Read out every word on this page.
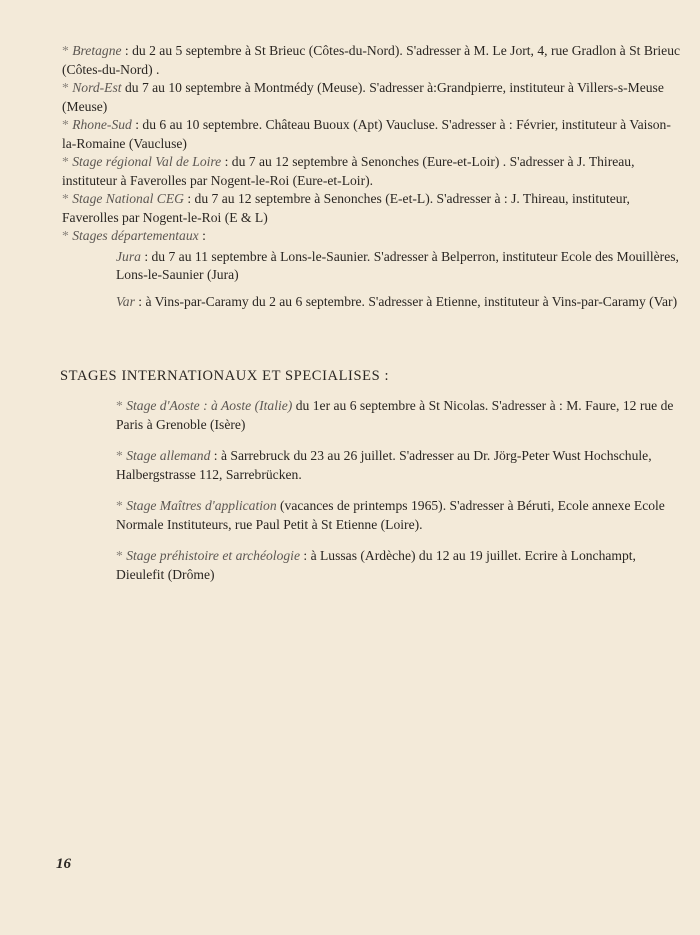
* Bretagne : du 2 au 5 septembre à St Brieuc (Côtes-du-Nord). S'adresser à M. Le Jort, 4, rue Gradlon à St Brieuc (Côtes-du-Nord) .

* Nord-Est du 7 au 10 septembre à Montmédy (Meuse). S'adresser à:Grandpierre, instituteur à Villers-s-Meuse (Meuse)

* Rhone-Sud : du 6 au 10 septembre. Château Buoux (Apt) Vaucluse. S'adresser à : Février, instituteur à Vaison-la-Romaine (Vaucluse)

* Stage régional Val de Loire : du 7 au 12 septembre à Senonches (Eure-et-Loir) . S'adresser à J. Thireau, instituteur à Faverolles par Nogent-le-Roi (Eure-et-Loir).

* Stage National CEG : du 7 au 12 septembre à Senonches (E-et-L). S'adresser à : J. Thireau, instituteur, Faverolles par Nogent-le-Roi (E & L)

* Stages départementaux :

Jura : du 7 au 11 septembre à Lons-le-Saunier. S'adresser à Belperron, instituteur Ecole des Mouillères, Lons-le-Saunier (Jura)

Var : à Vins-par-Caramy du 2 au 6 septembre. S'adresser à Etienne, instituteur à Vins-par-Caramy (Var)

STAGES INTERNATIONAUX ET SPECIALISES :

* Stage d'Aoste : à Aoste (Italie) du 1er au 6 septembre à St Nicolas. S'adresser à : M. Faure, 12 rue de Paris à Grenoble (Isère)

* Stage allemand : à Sarrebruck du 23 au 26 juillet. S'adresser au Dr. Jörg-Peter Wust Hochschule, Halbergstrasse 112, Sarrebrücken.

* Stage Maîtres d'application (vacances de printemps 1965). S'adresser à Béruti, Ecole annexe Ecole Normale Instituteurs, rue Paul Petit à St Etienne (Loire).

* Stage préhistoire et archéologie : à Lussas (Ardèche) du 12 au 19 juillet. Ecrire à Lonchampt, Dieulefit (Drôme)

16
